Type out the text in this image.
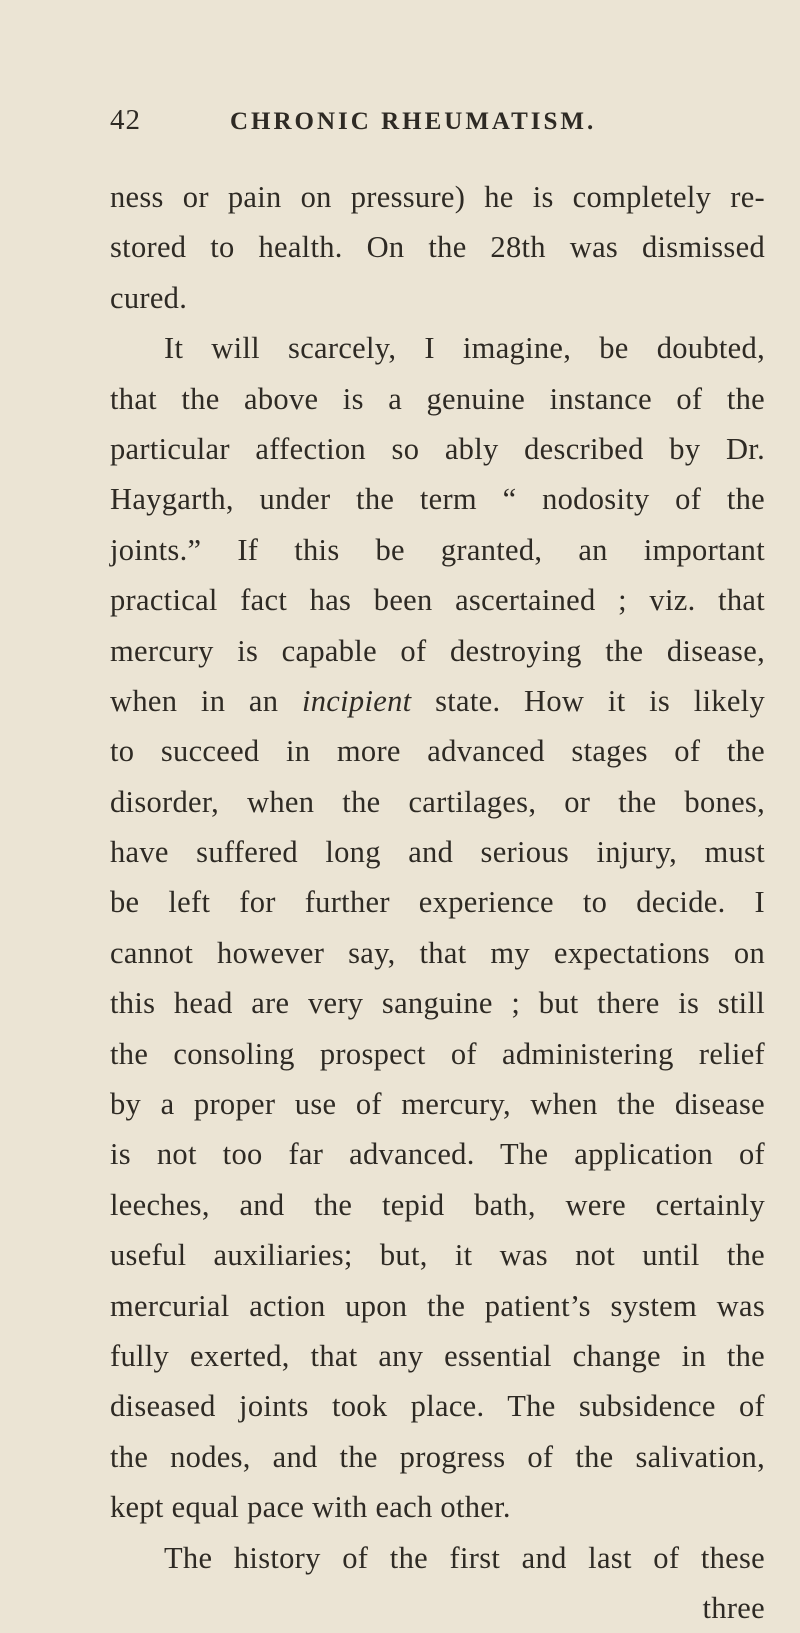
42	CHRONIC RHEUMATISM.
ness or pain on pressure) he is completely re-
stored to health. On the 28th was dismissed
cured.
It will scarcely, I imagine, be doubted,
that the above is a genuine instance of the
particular affection so ably described by Dr.
Haygarth, under the term “ nodosity of the
joints.” If this be granted, an important
practical fact has been ascertained ; viz. that
mercury is capable of destroying the disease,
when in an incipient state. How it is likely
to succeed in more advanced stages of the
disorder, when the cartilages, or the bones,
have suffered long and serious injury, must
be left for further experience to decide. I
cannot however say, that my expectations on
this head are very sanguine ; but there is still
the consoling prospect of administering relief
by a proper use of mercury, when the disease
is not too far advanced. The application of
leeches, and the tepid bath, were certainly
useful auxiliaries; but, it was not until the
mercurial action upon the patient’s system was
fully exerted, that any essential change in the
diseased joints took place. The subsidence of
the nodes, and the progress of the salivation,
kept equal pace with each other.
The history of the first and last of these
three
